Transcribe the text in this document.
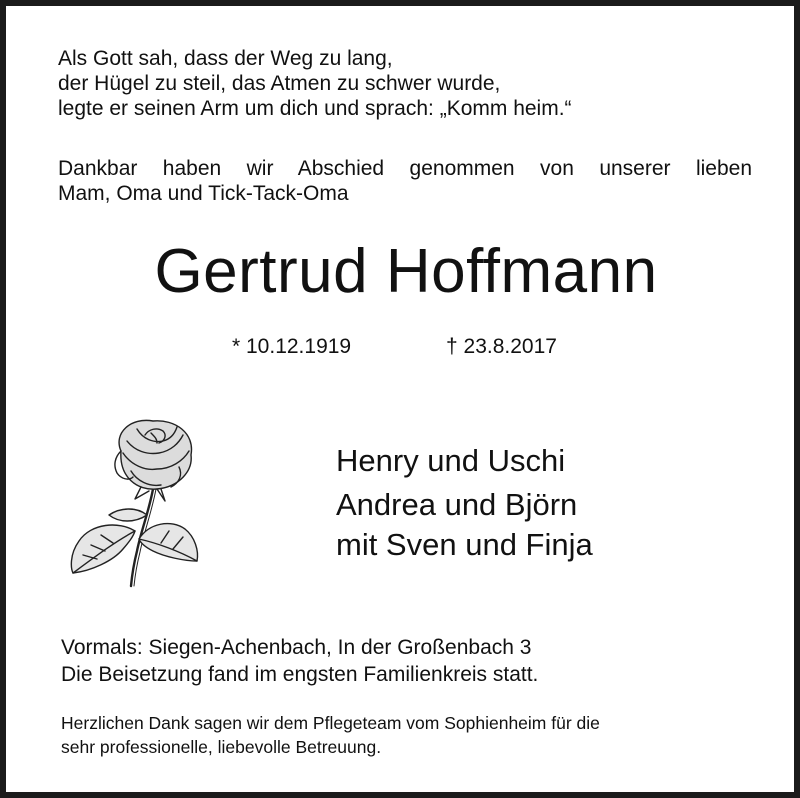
Als Gott sah, dass der Weg zu lang,
der Hügel zu steil, das Atmen zu schwer wurde,
legte er seinen Arm um dich und sprach: „Komm heim.“
Dankbar haben wir Abschied genommen von unserer lieben
Mam, Oma und Tick-Tack-Oma
Gertrud Hoffmann
* 10.12.1919	† 23.8.2017
Henry und Uschi
Andrea und Björn
mit Sven und Finja
Vormals: Siegen-Achenbach, In der Großenbach 3
Die Beisetzung fand im engsten Familienkreis statt.
Herzlichen Dank sagen wir dem Pflegeteam vom Sophienheim für die
sehr professionelle, liebevolle Betreuung.
